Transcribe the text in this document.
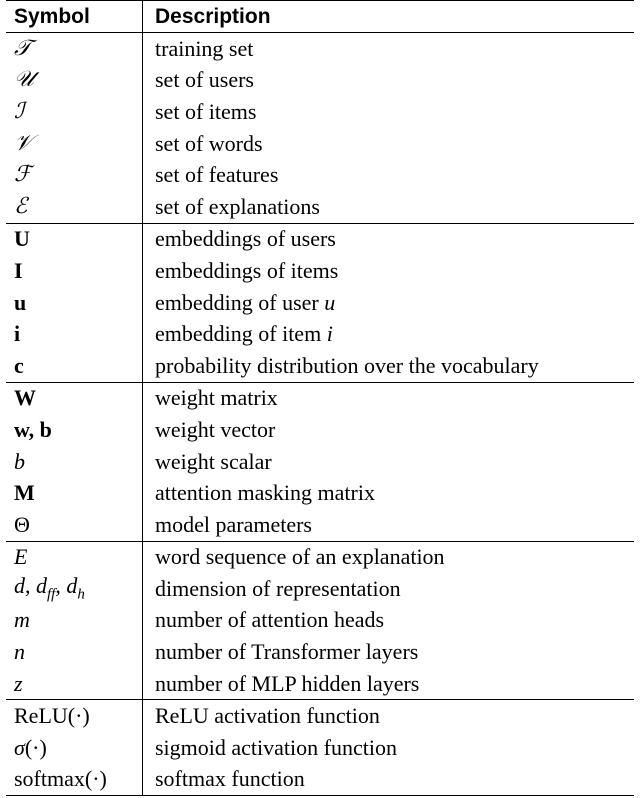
Symbol	Description
𝒯	training set
𝒰	set of users
ℐ	set of items
𝒱	set of words
ℱ	set of features
ℰ	set of explanations
U	embeddings of users
I	embeddings of items
u	embedding of user u
i	embedding of item i
c	probability distribution over the vocabulary
W	weight matrix
w, b	weight vector
b	weight scalar
M	attention masking matrix
Θ	model parameters
E	word sequence of an explanation
d, $d_{ff}$, $d_h$	dimension of representation
m	number of attention heads
n	number of Transformer layers
z	number of MLP hidden layers
ReLU(·)	ReLU activation function
σ(·)	sigmoid activation function
softmax(·)	softmax function
